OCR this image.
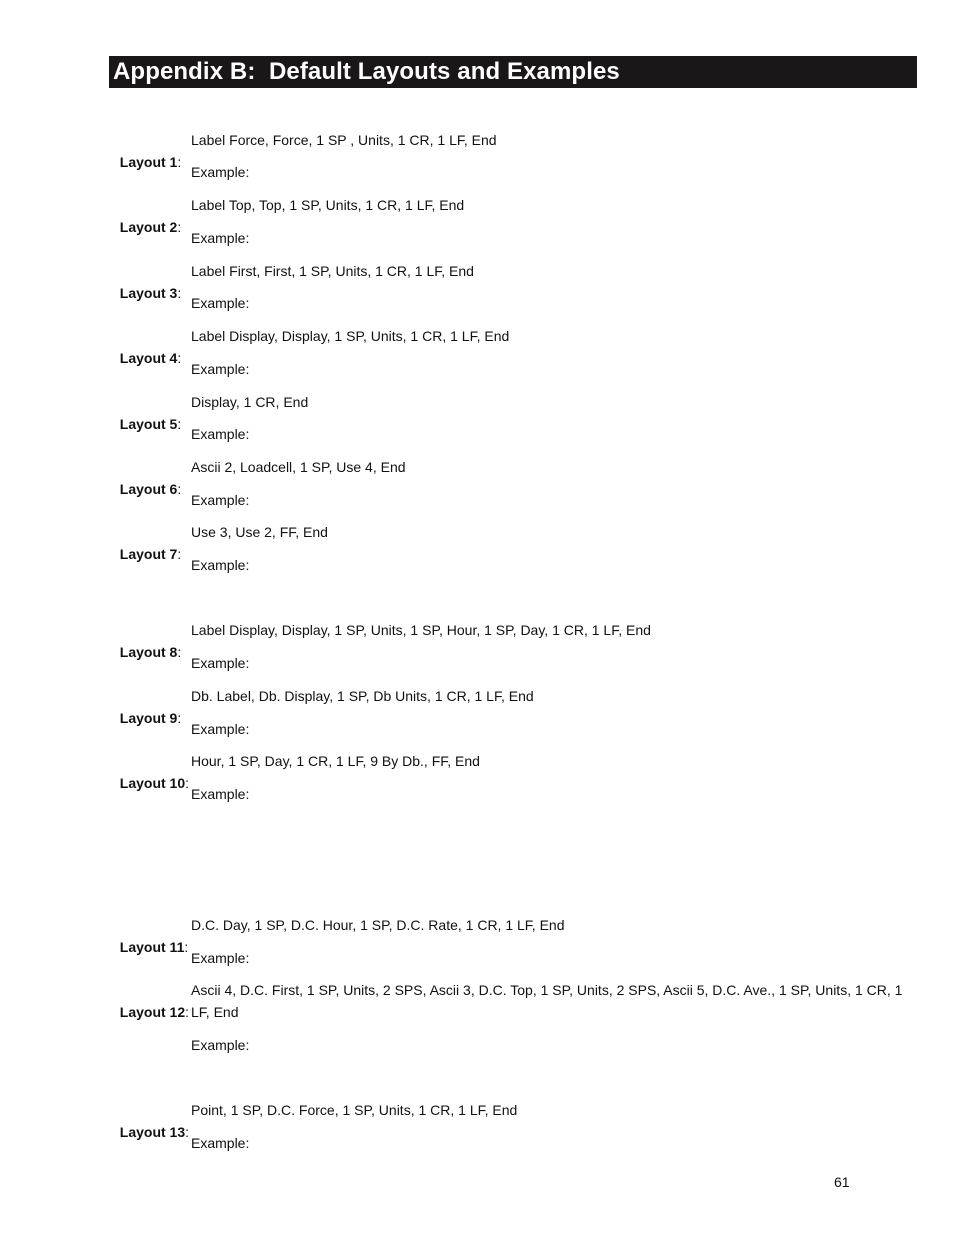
Appendix B:  Default Layouts and Examples

Layout 1:

Label Force, Force, 1 SP , Units, 1 CR, 1 LF, End

Example:

Layout 2:

Label Top, Top, 1 SP, Units, 1 CR, 1 LF, End

Example:

Layout 3:

Label First, First, 1 SP, Units, 1 CR, 1 LF, End

Example:

Layout 4:

Label Display, Display, 1 SP, Units, 1 CR, 1 LF, End

Example:

Layout 5:

Display, 1 CR, End

Example:

Layout 6:

Ascii 2, Loadcell, 1 SP, Use 4, End

Example:

Layout 7:

Use 3, Use 2, FF, End

Example:

Layout 8:

Label Display, Display, 1 SP, Units, 1 SP, Hour, 1 SP, Day, 1 CR, 1 LF, End

Example:

Layout 9:

Db. Label, Db. Display, 1 SP, Db Units, 1 CR, 1 LF, End

Example:

Layout 10:

Hour, 1 SP, Day, 1 CR, 1 LF, 9 By Db., FF, End

Example:

Layout 11:

D.C. Day, 1 SP, D.C. Hour, 1 SP, D.C. Rate, 1 CR, 1 LF, End

Example:

Layout 12:

Ascii 4, D.C. First, 1 SP, Units, 2 SPS, Ascii 3, D.C. Top, 1 SP, Units, 2 SPS, Ascii 5, D.C. Ave., 1 SP, Units, 1 CR, 1 LF, End

Example:

Layout 13:

Point, 1 SP, D.C. Force, 1 SP, Units, 1 CR, 1 LF, End

Example:
61
